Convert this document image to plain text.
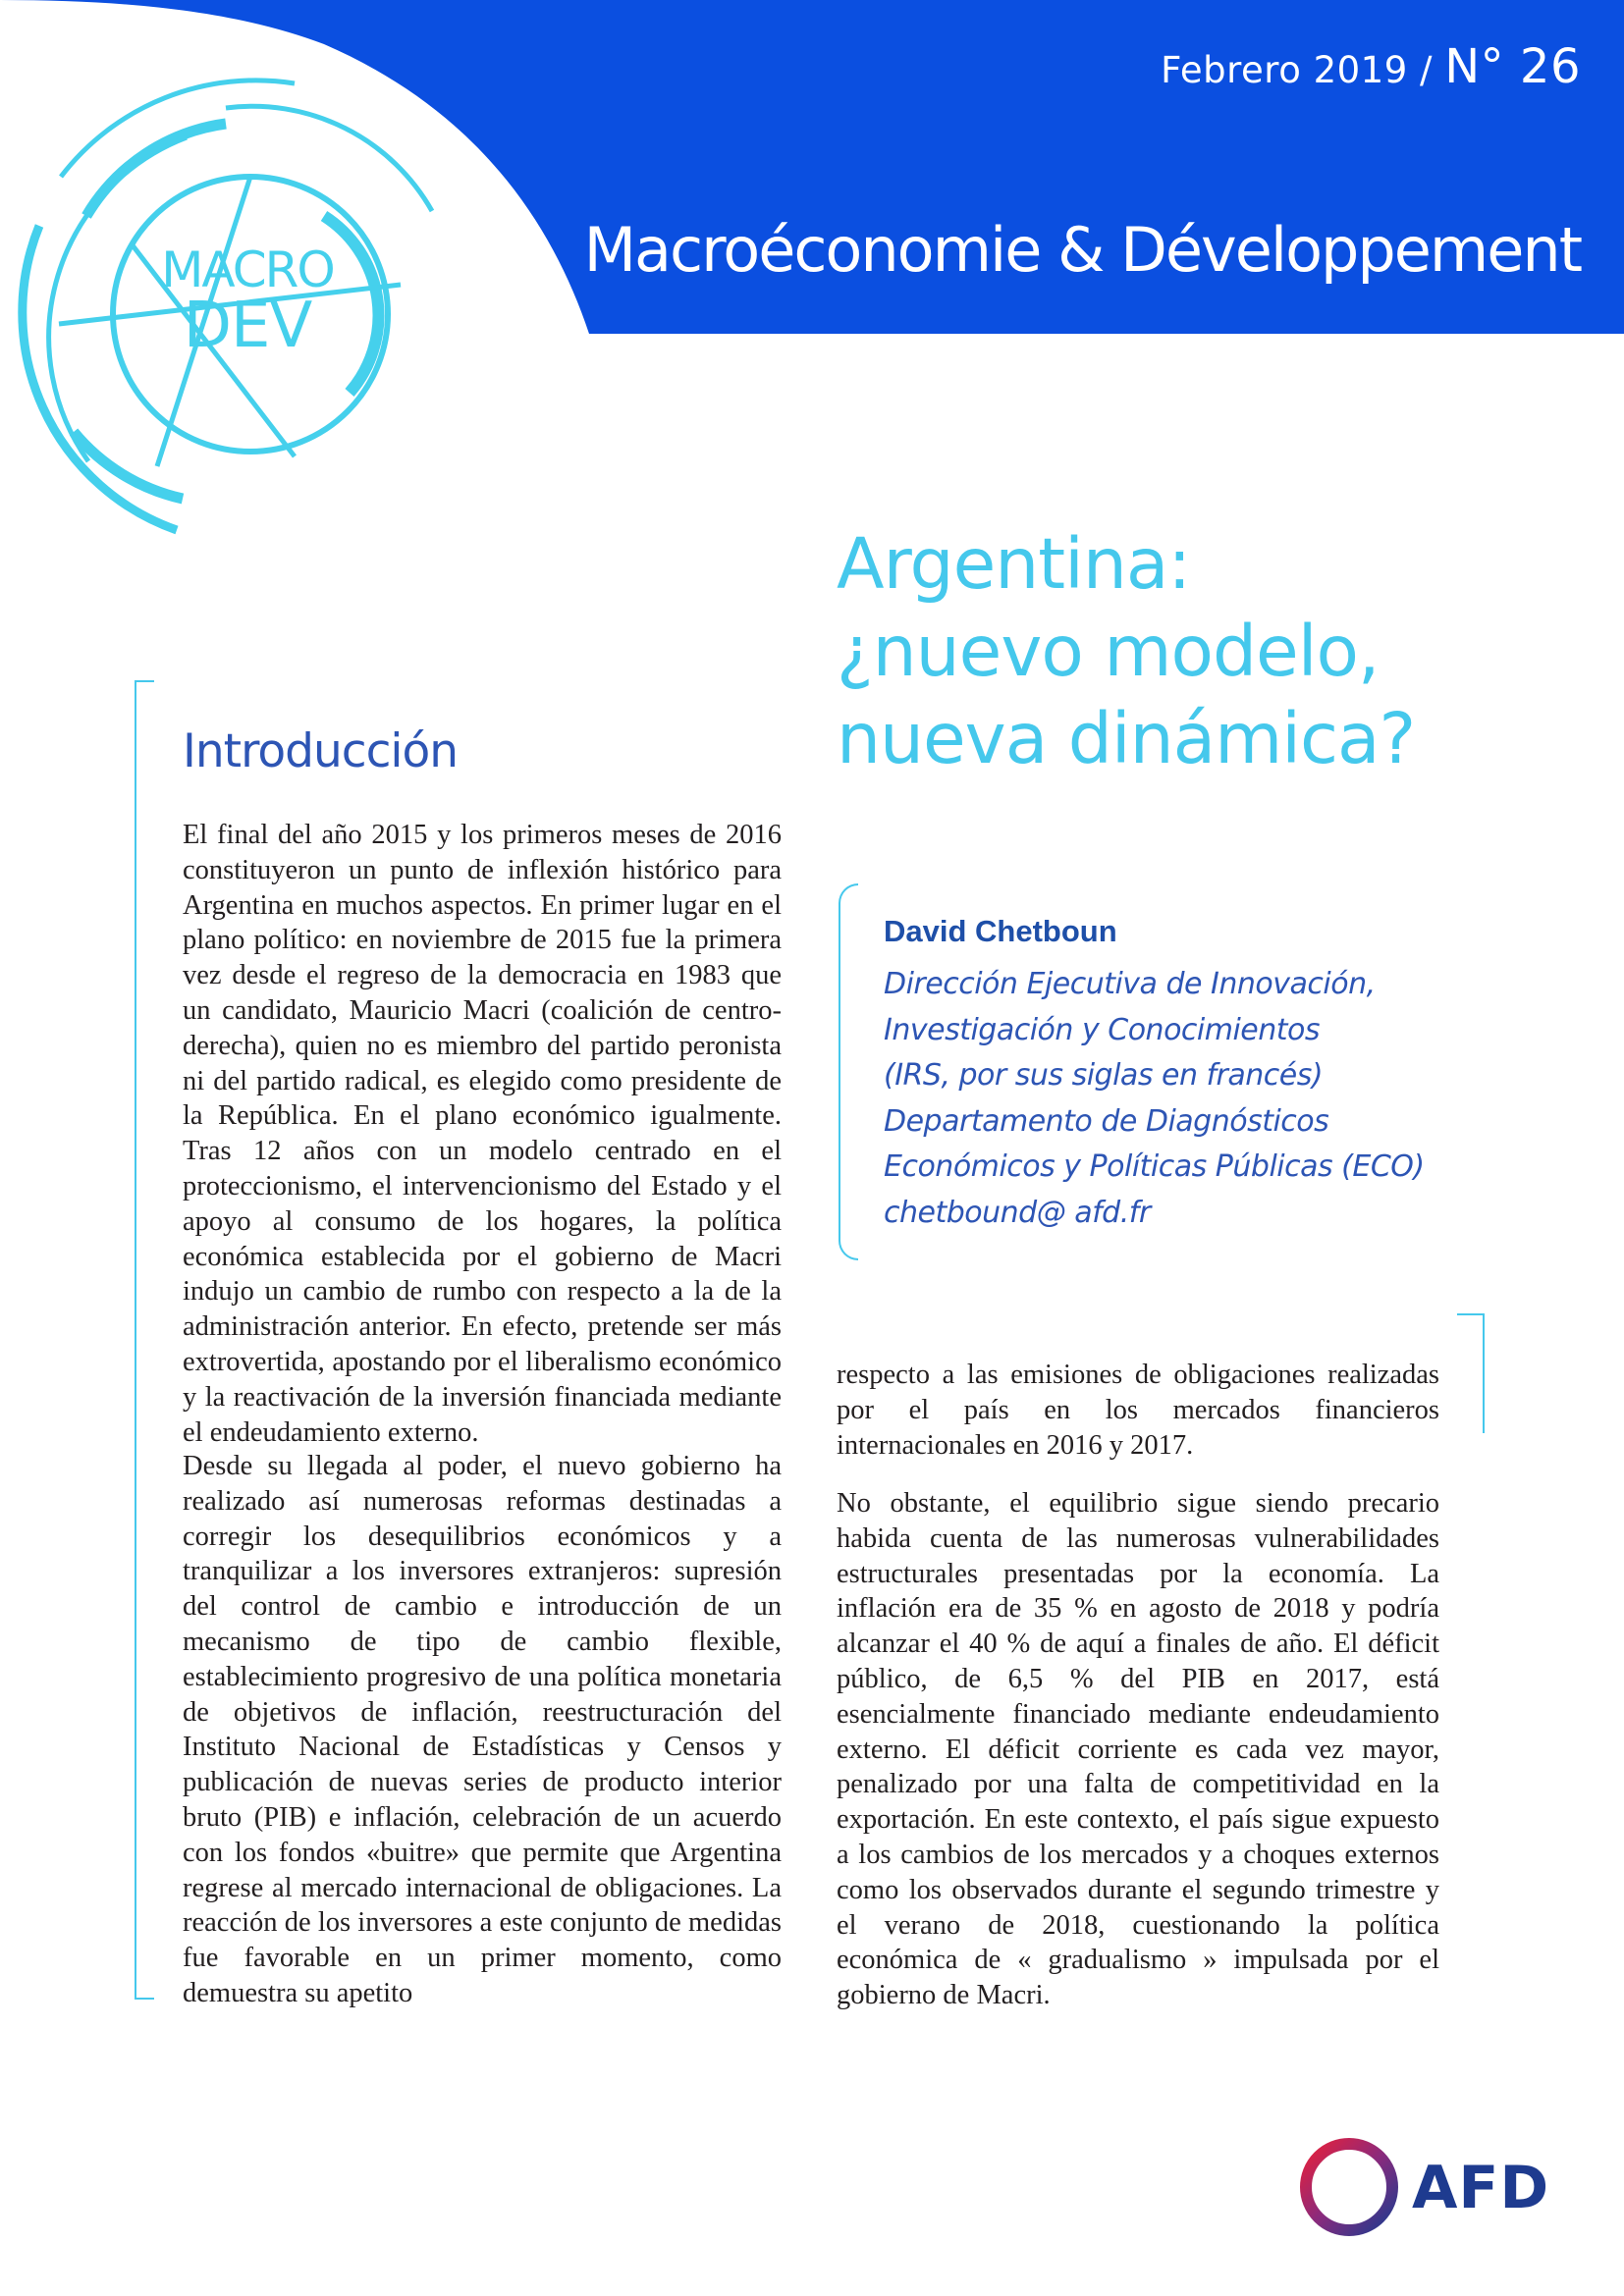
MACRO
DEV
Febrero 2019 / N° 26
Macroéconomie & Développement
Argentina:
¿nuevo modelo,
nueva dinámica?

David Chetboun

Dirección Ejecutiva de Innovación,
Investigación y Conocimientos
(IRS, por sus siglas en francés)
Departamento de Diagnósticos
Económicos y Políticas Públicas (ECO)
chetbound@ afd.fr

Introducción

El final del año 2015 y los primeros meses de 2016 constituyeron un punto de inflexión histórico para Argentina en muchos aspectos. En primer lugar en el plano político: en noviembre de 2015 fue la primera vez desde el regreso de la democracia en 1983 que un candidato, Mauricio Macri (coalición de centro-derecha), quien no es miembro del partido peronista ni del partido radical, es elegido como presidente de la República. En el plano económico igualmente. Tras 12 años con un modelo centrado en el proteccionismo, el intervencionismo del Estado y el apoyo al consumo de los hogares, la política económica establecida por el gobierno de Macri indujo un cambio de rumbo con respecto a la de la administración anterior. En efecto, pretende ser más extrovertida, apostando por el liberalismo económico y la reactivación de la inversión financiada mediante el endeudamiento externo.

Desde su llegada al poder, el nuevo gobierno ha realizado así numerosas reformas destinadas a corregir los desequilibrios económicos y a tranquilizar a los inversores extranjeros: supresión del control de cambio e introducción de un mecanismo de tipo de cambio flexible, establecimiento progresivo de una política monetaria de objetivos de inflación, reestructuración del Instituto Nacional de Estadísticas y Censos y publicación de nuevas series de producto interior bruto (PIB) e inflación, celebración de un acuerdo con los fondos «buitre» que permite que Argentina regrese al mercado internacional de obligaciones. La reacción de los inversores a este conjunto de medidas fue favorable en un primer momento, como demuestra su apetito

respecto a las emisiones de obligaciones realizadas por el país en los mercados financieros internacionales en 2016 y 2017.

No obstante, el equilibrio sigue siendo precario habida cuenta de las numerosas vulnerabilidades estructurales presentadas por la economía. La inflación era de 35 % en agosto de 2018 y podría alcanzar el 40 % de aquí a finales de año. El déficit público, de 6,5 % del PIB en 2017, está esencialmente financiado mediante endeudamiento externo. El déficit corriente es cada vez mayor, penalizado por una falta de competitividad en la exportación. En este contexto, el país sigue expuesto a los cambios de los mercados y a choques externos como los observados durante el segundo trimestre y el verano de 2018, cuestionando la política económica de « gradualismo » impulsada por el gobierno de Macri.

AFD
